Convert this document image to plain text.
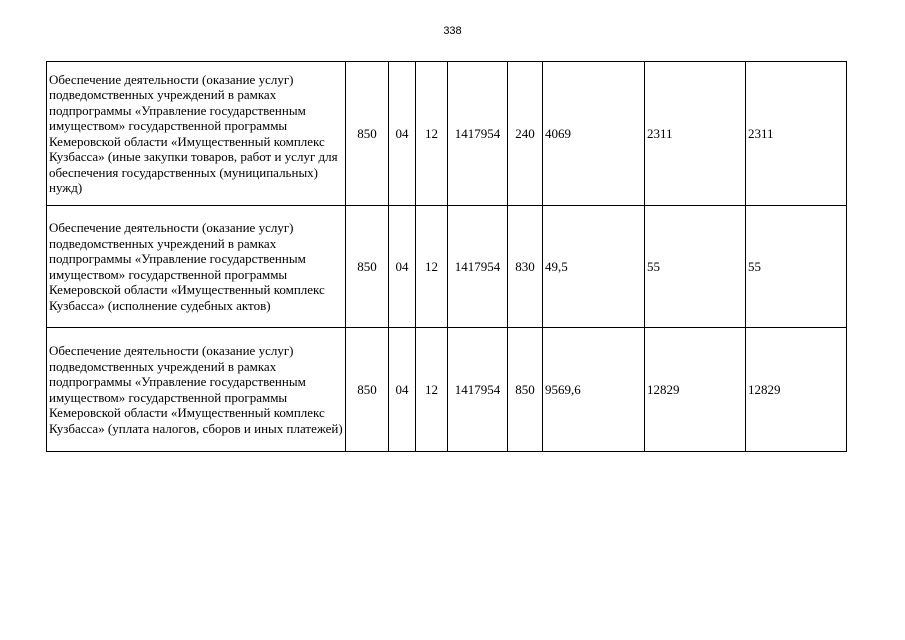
338
Обеспечение деятельности (оказание услуг) подведомственных учреждений в рамках подпрограммы «Управление государственным имуществом» государственной программы Кемеровской области «Имущественный комплекс Кузбасса» (иные закупки товаров, работ и услуг для обеспечения государственных (муниципальных) нужд)	850	04	12	1417954	240	4069	2311	2311
Обеспечение деятельности (оказание услуг) подведомственных учреждений в рамках подпрограммы «Управление государственным имуществом» государственной программы Кемеровской области «Имущественный комплекс Кузбасса» (исполнение судебных актов)	850	04	12	1417954	830	49,5	55	55
Обеспечение деятельности (оказание услуг) подведомственных учреждений в рамках подпрограммы «Управление государственным имуществом» государственной программы Кемеровской области «Имущественный комплекс Кузбасса» (уплата налогов, сборов и иных платежей)	850	04	12	1417954	850	9569,6	12829	12829
